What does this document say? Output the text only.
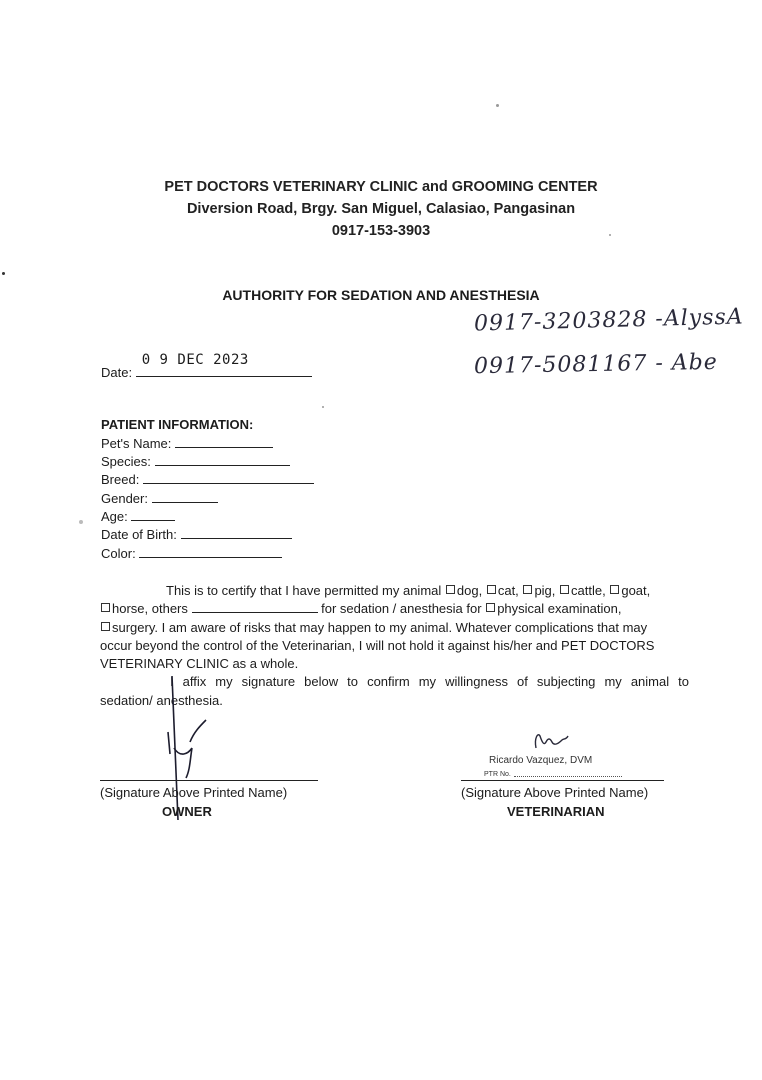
PET DOCTORS VETERINARY CLINIC and GROOMING CENTER
Diversion Road, Brgy. San Miguel, Calasiao, Pangasinan
0917-153-3903
AUTHORITY FOR SEDATION AND ANESTHESIA
0917-3203828 -AlyssA
0917-5081167 - Abe
Date:
0 9 DEC 2023
PATIENT INFORMATION:
Pet's Name:
Species:
Breed:
Gender:
Age:
Date of Birth:
Color:
This is to certify that I have permitted my animal dog, cat, pig, cattle, goat,
horse, others	for sedation / anesthesia for physical examination,
surgery. I am aware of risks that may happen to my animal. Whatever complications that may
occur beyond the control of the Veterinarian, I will not hold it against his/her and PET DOCTORS
VETERINARY CLINIC as a whole.
I affix my signature below to confirm my willingness of subjecting my animal to
sedation/ anesthesia.
(Signature Above Printed Name)
OWNER
Ricardo Vazquez, DVM
PTR No.
(Signature Above Printed Name)
VETERINARIAN
